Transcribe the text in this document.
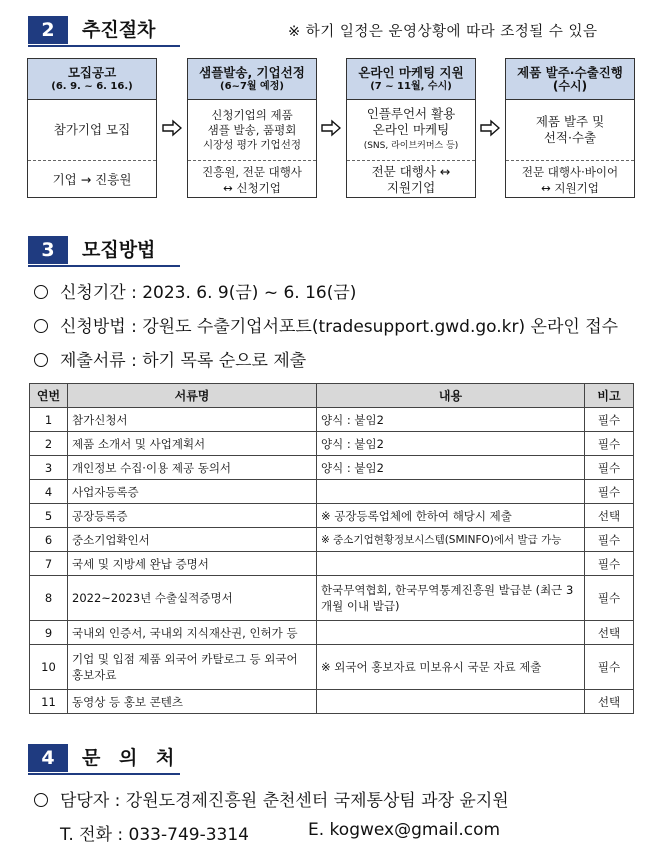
2	추진절차	※ 하기 일정은 운영상황에 따라 조정될 수 있음
모집공고
(6. 9. ~ 6. 16.)
참가기업 모집
기업 → 진흥원
샘플발송, 기업선정
(6~7월 예정)
신청기업의 제품
샘플 발송, 품평회
시장성 평가 기업선정
진흥원, 전문 대행사
↔ 신청기업
온라인 마케팅 지원
(7 ~ 11월, 수시)
인플루언서 활용
온라인 마케팅
(SNS, 라이브커머스 등)
전문 대행사 ↔
지원기업
제품 발주·수출진행
(수시)
제품 발주 및
선적·수출
전문 대행사·바이어
↔ 지원기업
3	모집방법
신청기간 : 2023. 6. 9(금) ~ 6. 16(금)
신청방법 : 강원도 수출기업서포트(tradesupport.gwd.go.kr) 온라인 접수
제출서류 : 하기 목록 순으로 제출
연번	서류명	내용	비고
1	참가신청서	양식 : 붙임2	필수
2	제품 소개서 및 사업계획서	양식 : 붙임2	필수
3	개인정보 수집·이용 제공 동의서	양식 : 붙임2	필수
4	사업자등록증		필수
5	공장등록증	※ 공장등록업체에 한하여 해당시 제출	선택
6	중소기업확인서	※ 중소기업현황정보시스템(SMINFO)에서 발급 가능	필수
7	국세 및 지방세 완납 증명서		필수
8	2022~2023년 수출실적증명서	한국무역협회, 한국무역통계진흥원 발급분 (최근 3개월 이내 발급)	필수
9	국내외 인증서, 국내외 지식재산권, 인허가 등		선택
10	기업 및 입점 제품 외국어 카탈로그 등 외국어 홍보자료	※ 외국어 홍보자료 미보유시 국문 자료 제출	필수
11	동영상 등 홍보 콘텐츠		선택
4	문 의 처
담당자 : 강원도경제진흥원 춘천센터 국제통상팀 과장 윤지원
T. 전화 : 033-749-3314	E. kogwex@gmail.com
